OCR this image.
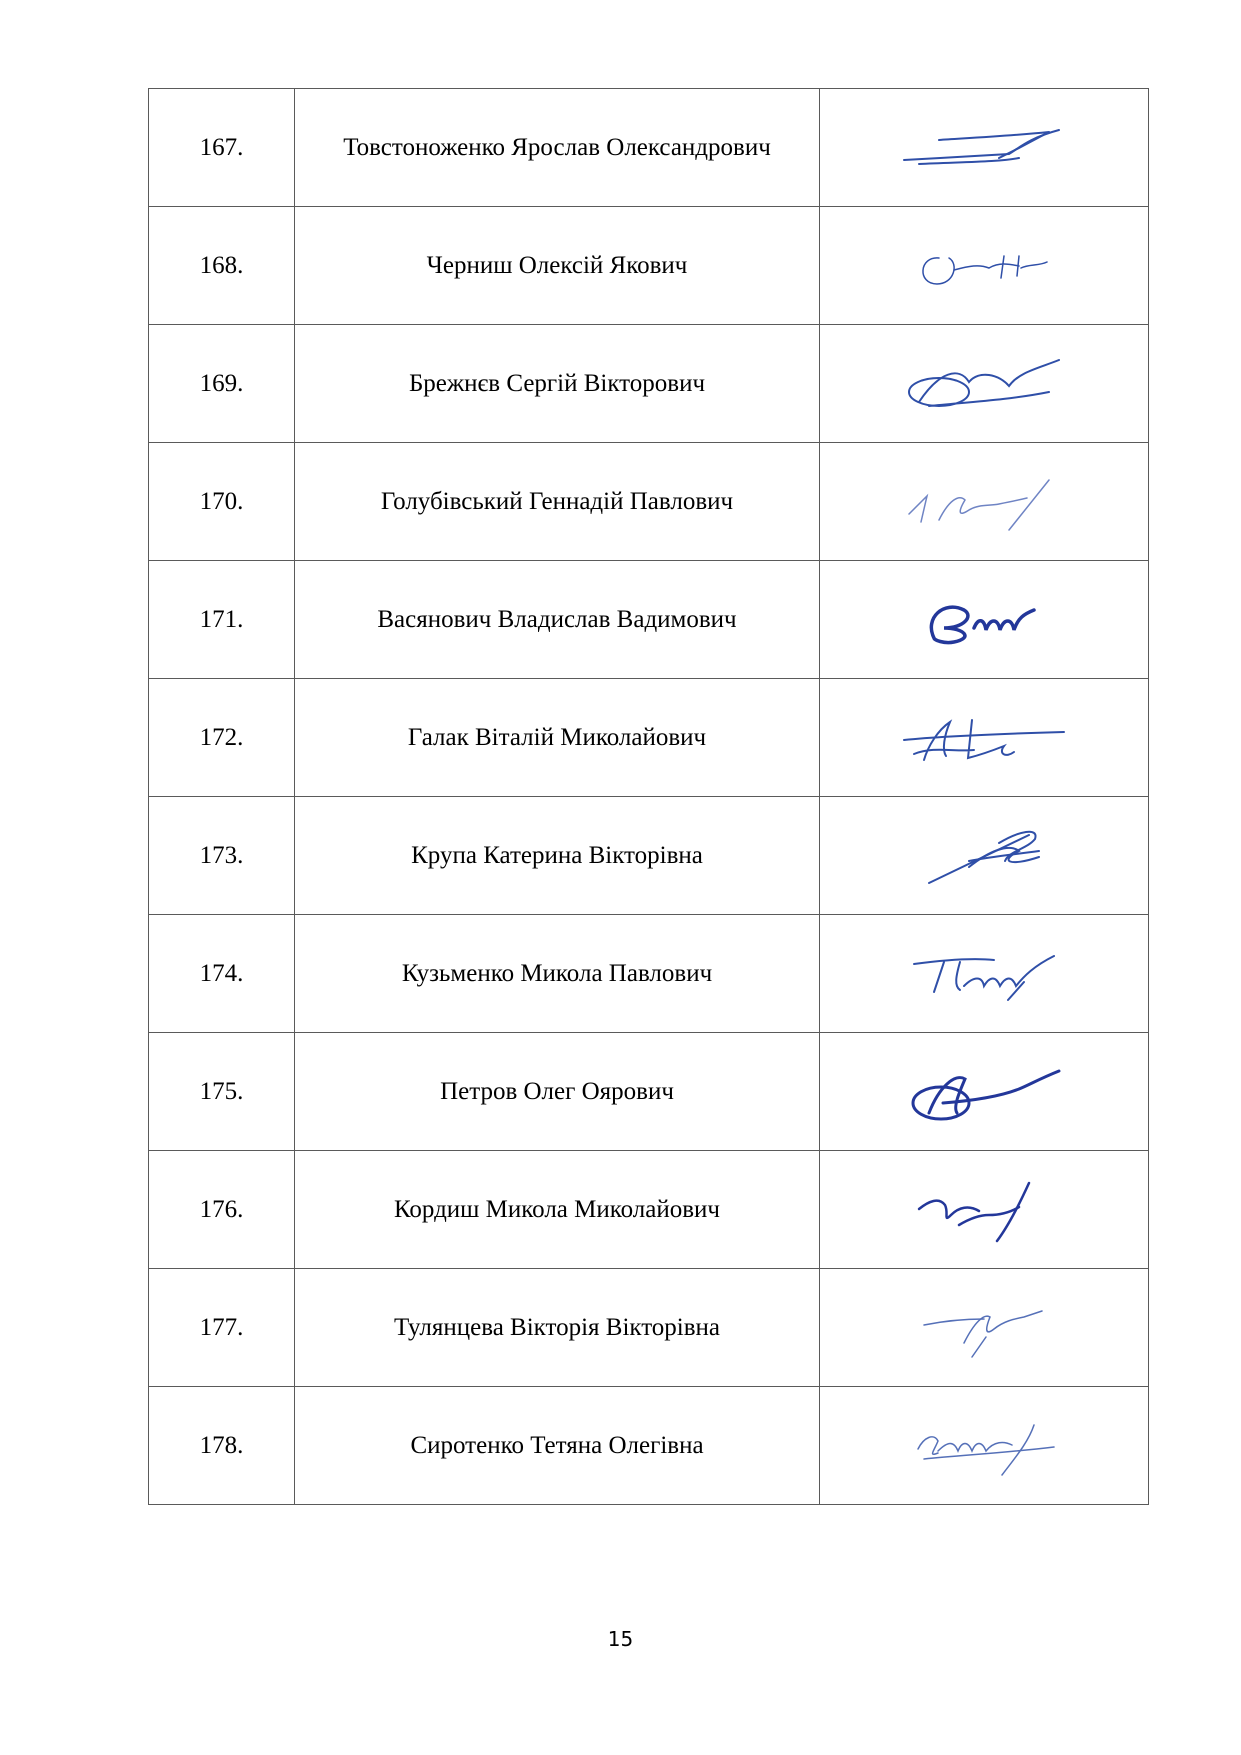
167.	Товстоноженко Ярослав Олександрович	

168.	Черниш Олексій Якович	

169.	Брежнєв Сергій Вікторович	

170.	Голубівський Геннадій Павлович	

171.	Васянович Владислав Вадимович	

172.	Галак Віталій Миколайович	

173.	Крупа Катерина Вікторівна	

174.	Кузьменко Микола Павлович	

175.	Петров Олег Оярович	

176.	Кордиш Микола Миколайович	

177.	Тулянцева Вікторія Вікторівна	

178.	Сиротенко Тетяна Олегівна	
15
